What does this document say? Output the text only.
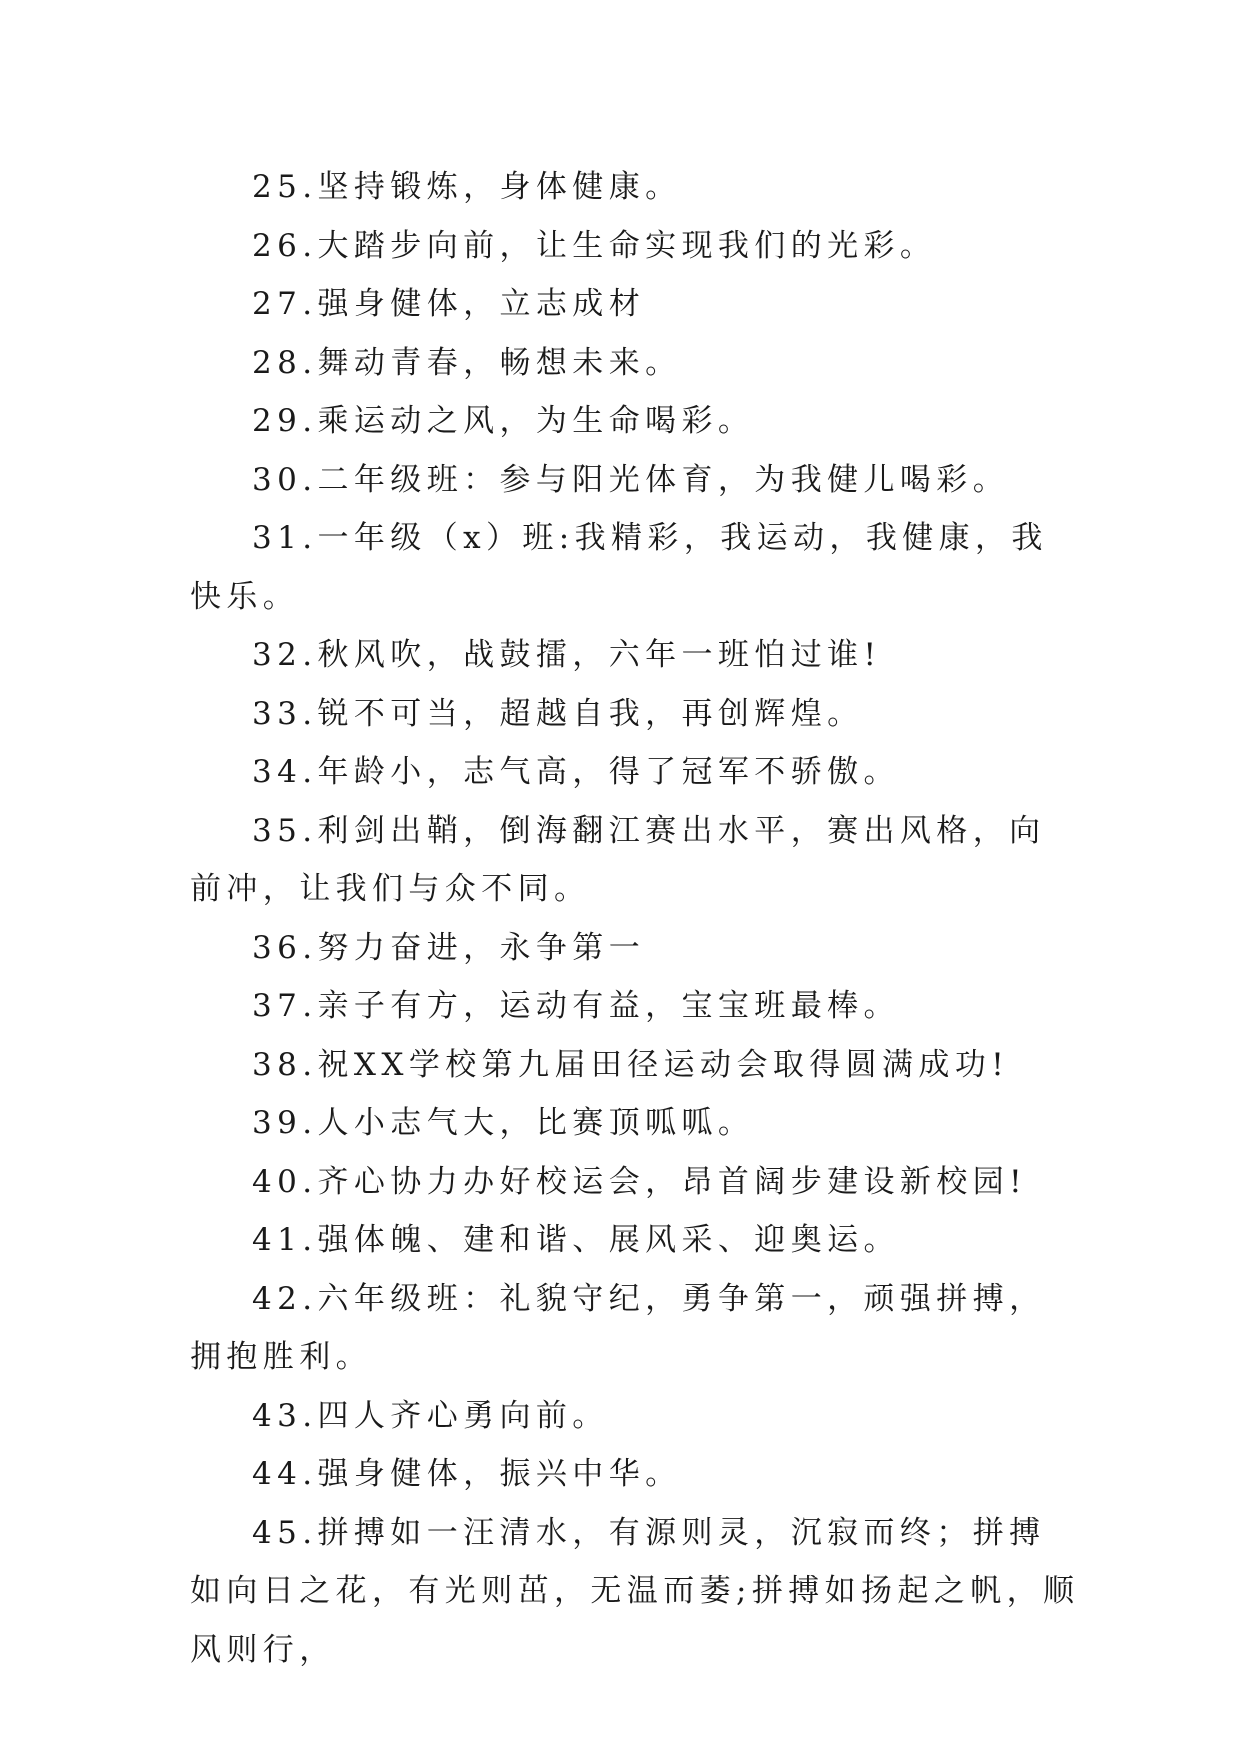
25.坚持锻炼，身体健康。

26.大踏步向前，让生命实现我们的光彩。

27.强身健体，立志成材

28.舞动青春，畅想未来。

29.乘运动之风，为生命喝彩。

30.二年级班：参与阳光体育，为我健儿喝彩。

31.一年级（x）班:我精彩，我运动，我健康，我快乐。

32.秋风吹，战鼓擂，六年一班怕过谁!

33.锐不可当，超越自我，再创辉煌。

34.年龄小，志气高，得了冠军不骄傲。

35.利剑出鞘，倒海翻江赛出水平，赛出风格，向前冲，让我们与众不同。

36.努力奋进，永争第一

37.亲子有方，运动有益，宝宝班最棒。

38.祝XX学校第九届田径运动会取得圆满成功!

39.人小志气大，比赛顶呱呱。

40.齐心协力办好校运会，昂首阔步建设新校园!

41.强体魄、建和谐、展风采、迎奥运。

42.六年级班：礼貌守纪，勇争第一，顽强拼搏，拥抱胜利。

43.四人齐心勇向前。

44.强身健体，振兴中华。

45.拼搏如一汪清水，有源则灵，沉寂而终；拼搏如向日之花，有光则茁，无温而萎;拼搏如扬起之帆，顺风则行，
